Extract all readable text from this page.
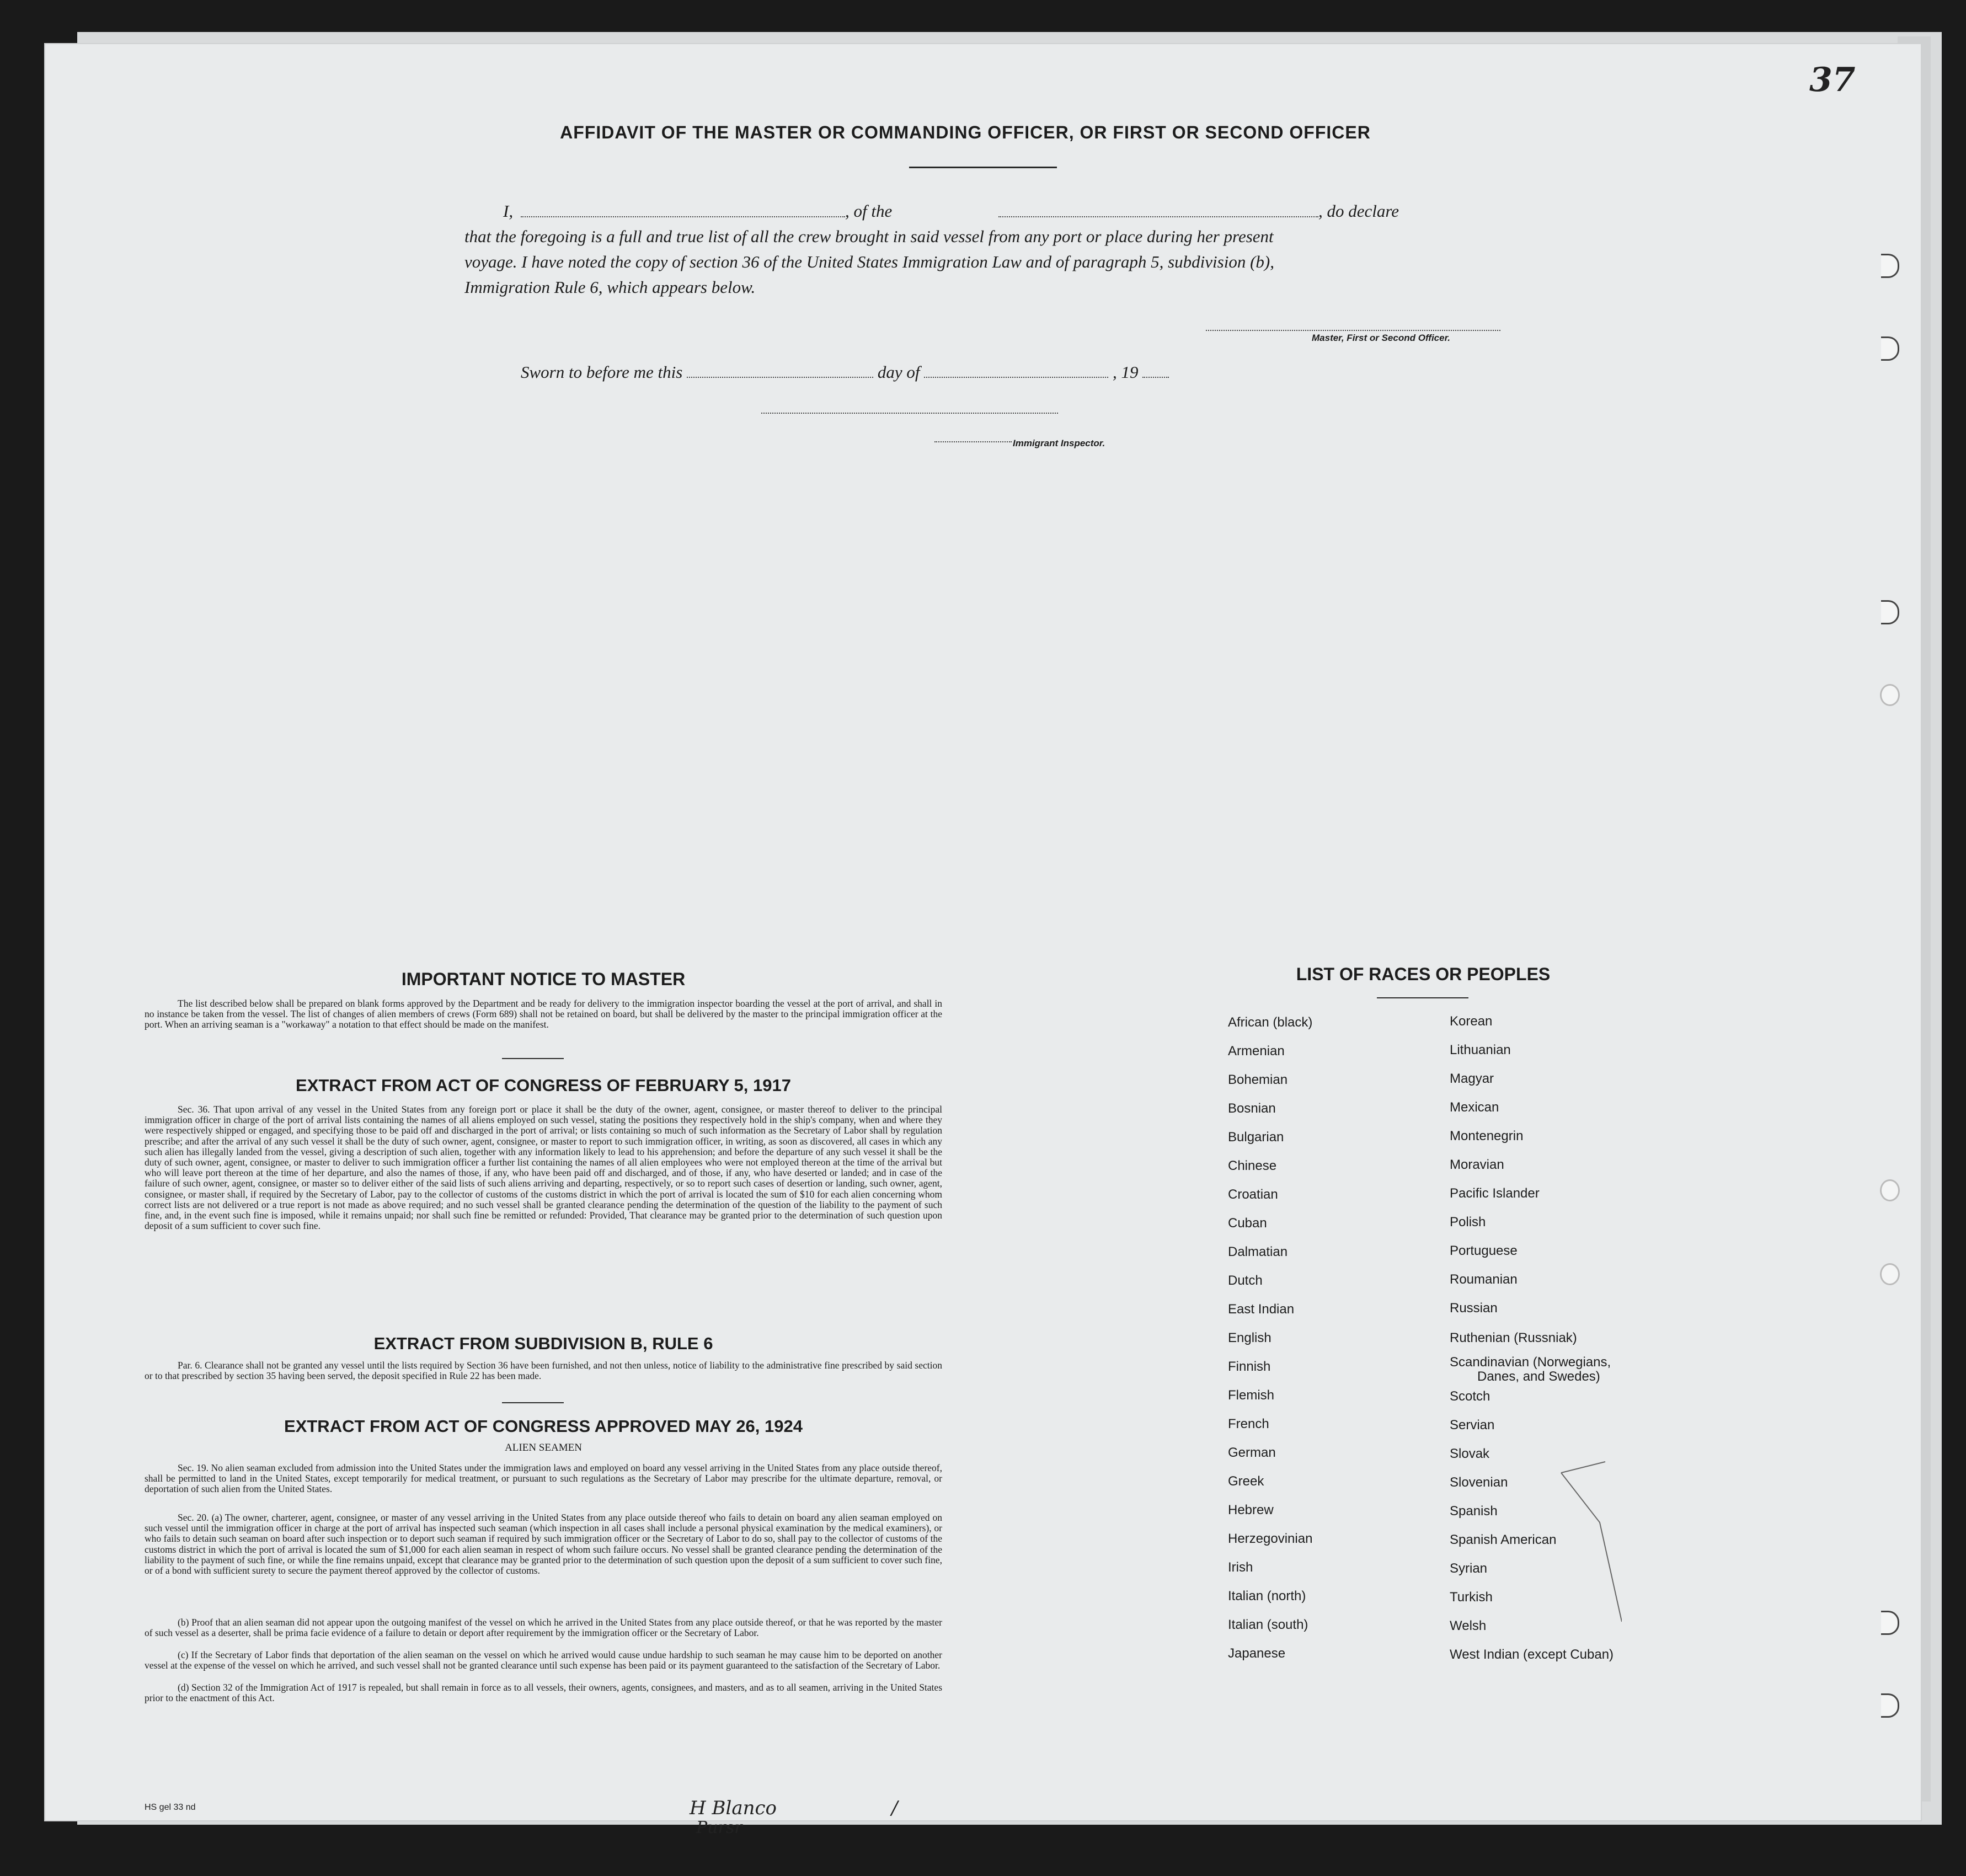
AFFIDAVIT OF THE MASTER OR COMMANDING OFFICER, OR FIRST OR SECOND OFFICER
I,	, of the	, do declare
that the foregoing is a full and true list of all the crew brought in said vessel from any port or place during her present
voyage. I have noted the copy of section 36 of the United States Immigration Law and of paragraph 5, subdivision (b),
Immigration Rule 6, which appears below.
Master, First or Second Officer.
Sworn to before me this	day of	, 19
Immigrant Inspector.
IMPORTANT NOTICE TO MASTER
The list described below shall be prepared on blank forms approved by the Department and be ready for delivery to the immigration inspector boarding the vessel at the port of arrival, and shall in no instance be taken from the vessel. The list of changes of alien members of crews (Form 689) shall not be retained on board, but shall be delivered by the master to the principal immigration officer at the port. When an arriving seaman is a "workaway" a notation to that effect should be made on the manifest.
EXTRACT FROM ACT OF CONGRESS OF FEBRUARY 5, 1917
Sec. 36. That upon arrival of any vessel in the United States from any foreign port or place it shall be the duty of the owner, agent, consignee, or master thereof to deliver to the principal immigration officer in charge of the port of arrival lists containing the names of all aliens employed on such vessel, stating the positions they respectively hold in the ship's company, when and where they were respectively shipped or engaged, and specifying those to be paid off and discharged in the port of arrival; or lists containing so much of such information as the Secretary of Labor shall by regulation prescribe; and after the arrival of any such vessel it shall be the duty of such owner, agent, consignee, or master to report to such immigration officer, in writing, as soon as discovered, all cases in which any such alien has illegally landed from the vessel, giving a description of such alien, together with any information likely to lead to his apprehension; and before the departure of any such vessel it shall be the duty of such owner, agent, consignee, or master to deliver to such immigration officer a further list containing the names of all alien employees who were not employed thereon at the time of the arrival but who will leave port thereon at the time of her departure, and also the names of those, if any, who have been paid off and discharged, and of those, if any, who have deserted or landed; and in case of the failure of such owner, agent, consignee, or master so to deliver either of the said lists of such aliens arriving and departing, respectively, or so to report such cases of desertion or landing, such owner, agent, consignee, or master shall, if required by the Secretary of Labor, pay to the collector of customs of the customs district in which the port of arrival is located the sum of $10 for each alien concerning whom correct lists are not delivered or a true report is not made as above required; and no such vessel shall be granted clearance pending the determination of the question of the liability to the payment of such fine, and, in the event such fine is imposed, while it remains unpaid; nor shall such fine be remitted or refunded: Provided, That clearance may be granted prior to the determination of such question upon deposit of a sum sufficient to cover such fine.
EXTRACT FROM SUBDIVISION B, RULE 6
Par. 6. Clearance shall not be granted any vessel until the lists required by Section 36 have been furnished, and not then unless, notice of liability to the administrative fine prescribed by said section or to that prescribed by section 35 having been served, the deposit specified in Rule 22 has been made.
EXTRACT FROM ACT OF CONGRESS APPROVED MAY 26, 1924
ALIEN SEAMEN
Sec. 19. No alien seaman excluded from admission into the United States under the immigration laws and employed on board any vessel arriving in the United States from any place outside thereof, shall be permitted to land in the United States, except temporarily for medical treatment, or pursuant to such regulations as the Secretary of Labor may prescribe for the ultimate departure, removal, or deportation of such alien from the United States.
Sec. 20. (a) The owner, charterer, agent, consignee, or master of any vessel arriving in the United States from any place outside thereof who fails to detain on board any alien seaman employed on such vessel until the immigration officer in charge at the port of arrival has inspected such seaman (which inspection in all cases shall include a personal physical examination by the medical examiners), or who fails to detain such seaman on board after such inspection or to deport such seaman if required by such immigration officer or the Secretary of Labor to do so, shall pay to the collector of customs of the customs district in which the port of arrival is located the sum of $1,000 for each alien seaman in respect of whom such failure occurs. No vessel shall be granted clearance pending the determination of the liability to the payment of such fine, or while the fine remains unpaid, except that clearance may be granted prior to the determination of such question upon the deposit of a sum sufficient to cover such fine, or of a bond with sufficient surety to secure the payment thereof approved by the collector of customs.
(b) Proof that an alien seaman did not appear upon the outgoing manifest of the vessel on which he arrived in the United States from any place outside thereof, or that he was reported by the master of such vessel as a deserter, shall be prima facie evidence of a failure to detain or deport after requirement by the immigration officer or the Secretary of Labor.
(c) If the Secretary of Labor finds that deportation of the alien seaman on the vessel on which he arrived would cause undue hardship to such seaman he may cause him to be deported on another vessel at the expense of the vessel on which he arrived, and such vessel shall not be granted clearance until such expense has been paid or its payment guaranteed to the satisfaction of the Secretary of Labor.
(d) Section 32 of the Immigration Act of 1917 is repealed, but shall remain in force as to all vessels, their owners, agents, consignees, and masters, and as to all seamen, arriving in the United States prior to the enactment of this Act.
LIST OF RACES OR PEOPLES
African (black)
Armenian
Bohemian
Bosnian
Bulgarian
Chinese
Croatian
Cuban
Dalmatian
Dutch
East Indian
English
Finnish
Flemish
French
German
Greek
Hebrew
Herzegovinian
Irish
Italian (north)
Italian (south)
Japanese
Korean
Lithuanian
Magyar
Mexican
Montenegrin
Moravian
Pacific Islander
Polish
Portuguese
Roumanian
Russian
Ruthenian (Russniak)
Scandinavian (Norwegians,
Danes, and Swedes)
Scotch
Servian
Slovak
Slovenian
Spanish
Spanish American
Syrian
Turkish
Welsh
West Indian (except Cuban)
37
HS gel 33 nd	H Blanco
Pursr
/
